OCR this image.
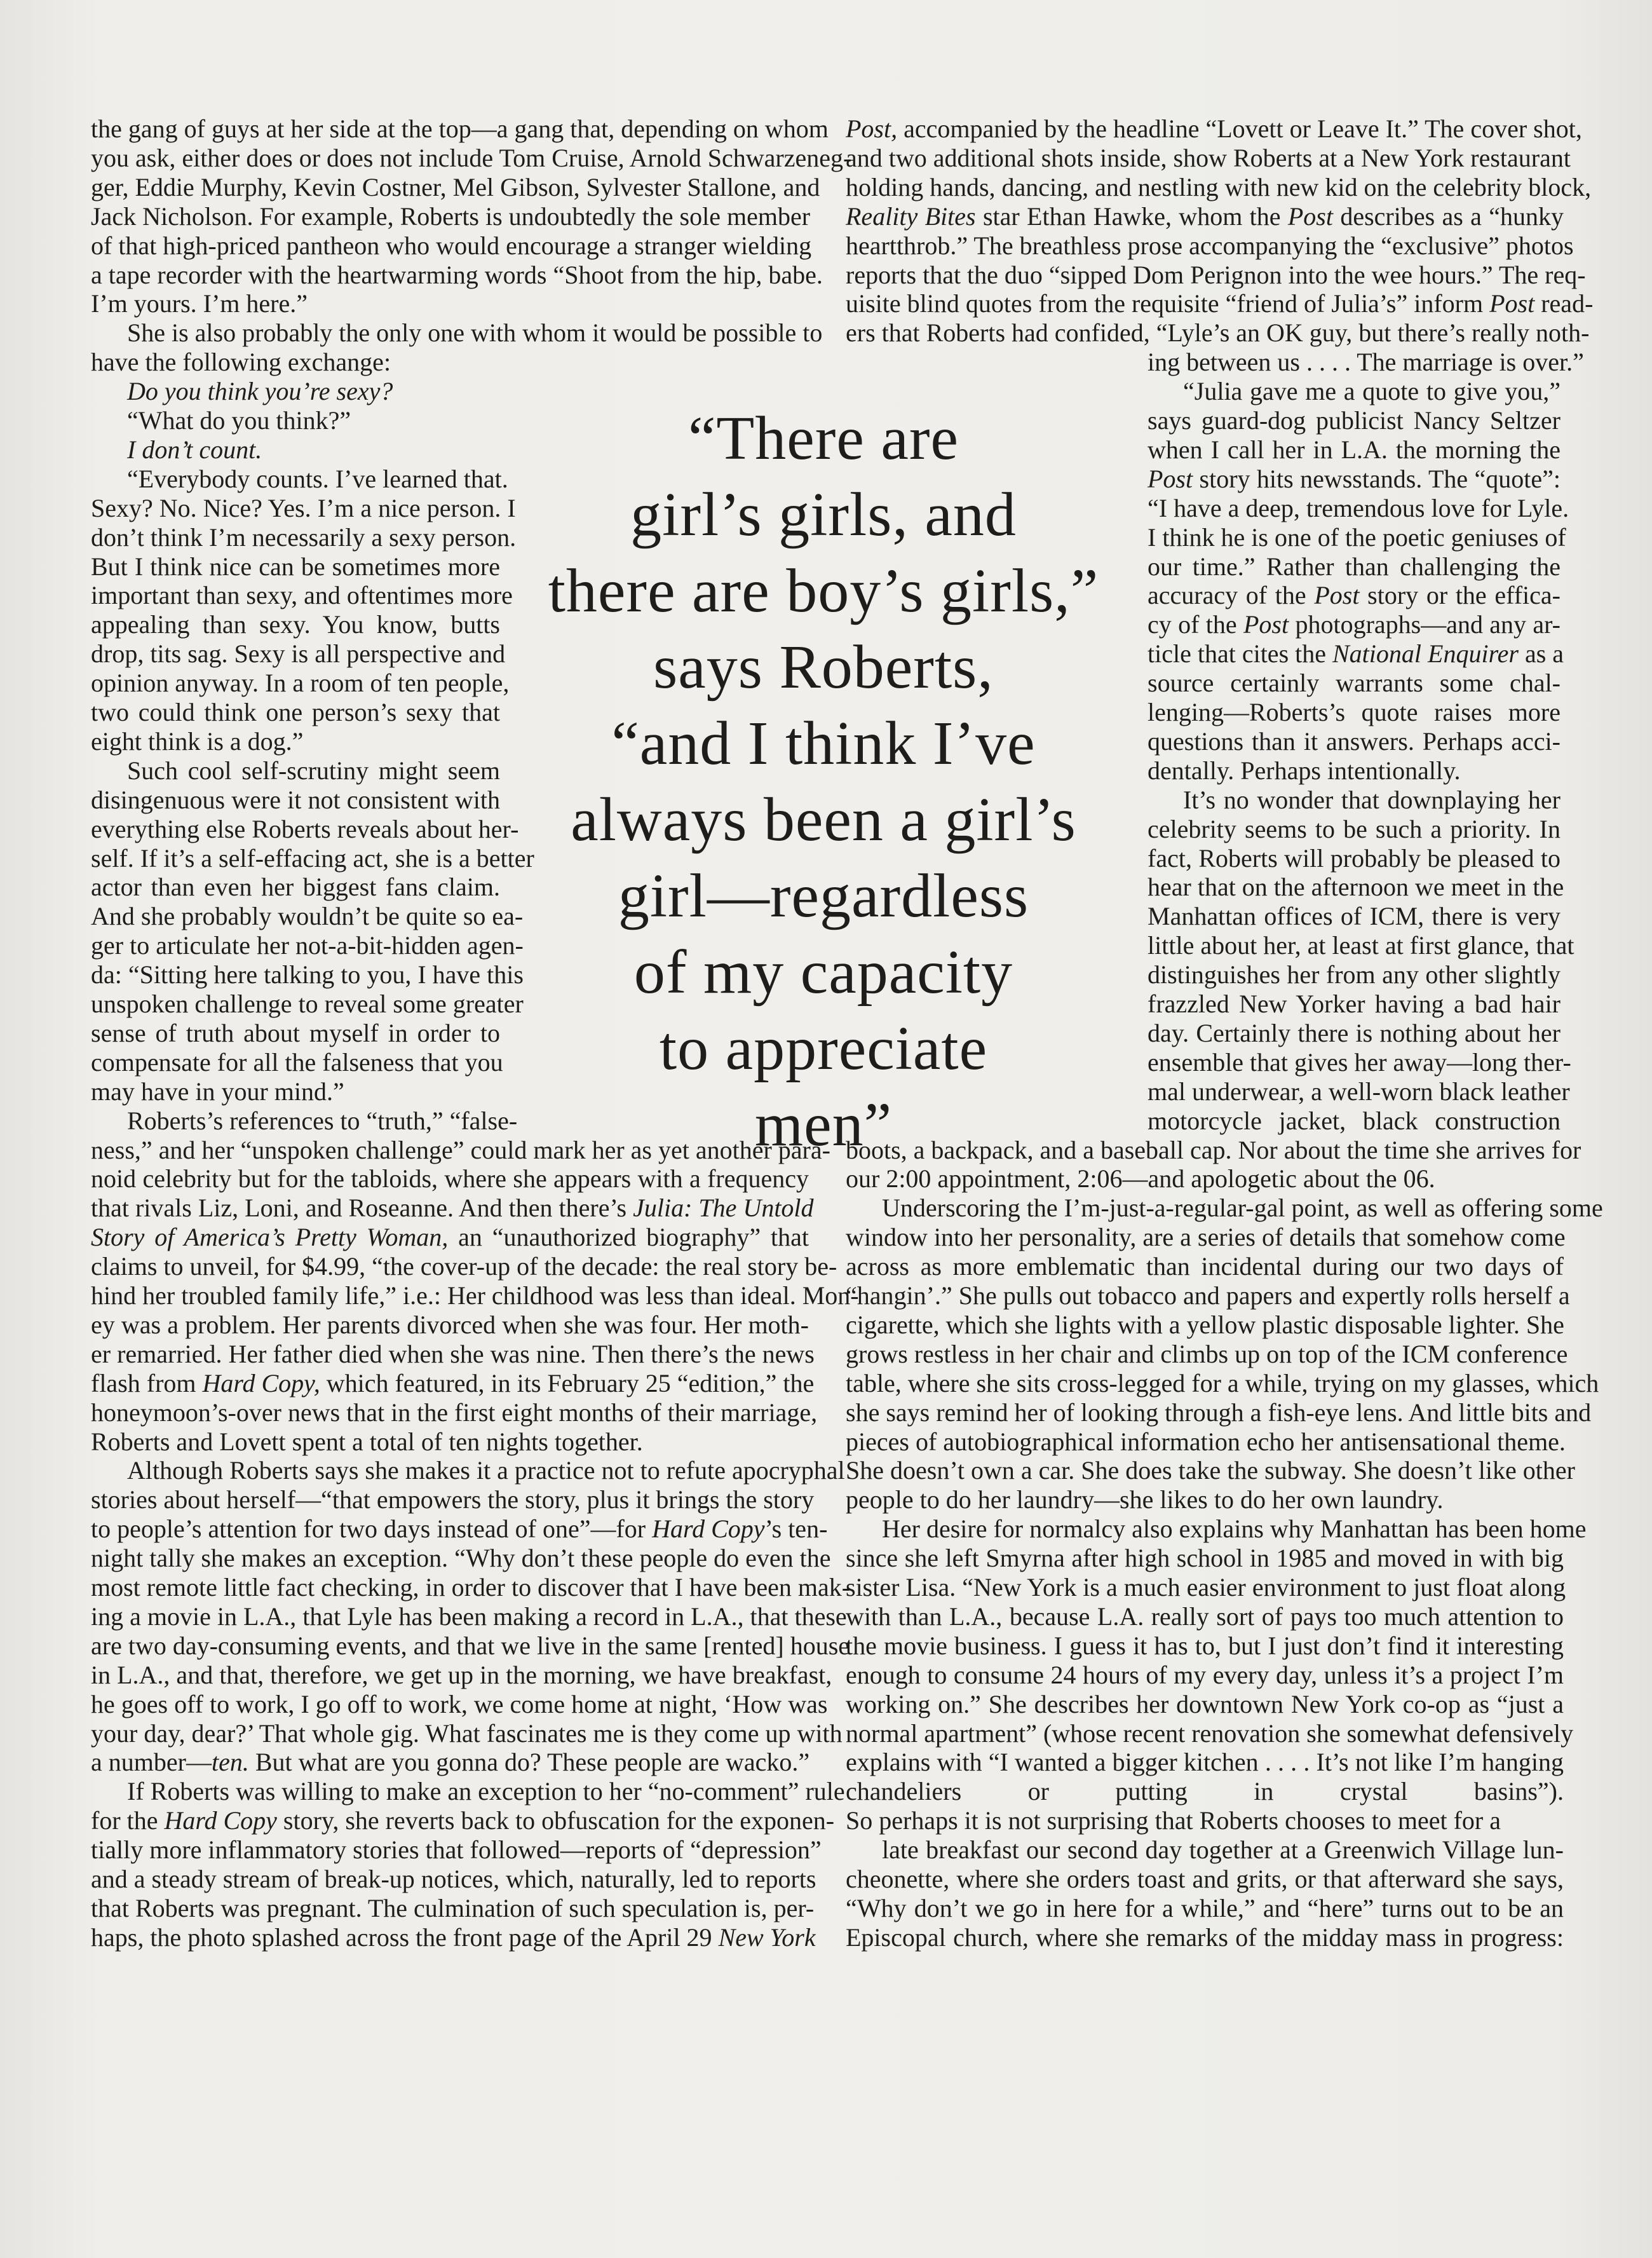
the gang of guys at her side at the top—a gang that, depending on whom

you ask, either does or does not include Tom Cruise, Arnold Schwarzeneg-

ger, Eddie Murphy, Kevin Costner, Mel Gibson, Sylvester Stallone, and

Jack Nicholson. For example, Roberts is undoubtedly the sole member

of that high-priced pantheon who would encourage a stranger wielding

a tape recorder with the heartwarming words “Shoot from the hip, babe.

I’m yours. I’m here.”

She is also probably the only one with whom it would be possible to

have the following exchange:

Do you think you’re sexy?

“What do you think?”

I don’t count.

“Everybody counts. I’ve learned that.

Sexy? No. Nice? Yes. I’m a nice person. I

don’t think I’m necessarily a sexy person.

But I think nice can be sometimes more

important than sexy, and oftentimes more

appealing than sexy. You know, butts

drop, tits sag. Sexy is all perspective and

opinion anyway. In a room of ten people,

two could think one person’s sexy that

eight think is a dog.”

Such cool self-scrutiny might seem

disingenuous were it not consistent with

everything else Roberts reveals about her-

self. If it’s a self-effacing act, she is a better

actor than even her biggest fans claim.

And she probably wouldn’t be quite so ea-

ger to articulate her not-a-bit-hidden agen-

da: “Sitting here talking to you, I have this

unspoken challenge to reveal some greater

sense of truth about myself in order to

compensate for all the falseness that you

may have in your mind.”

Roberts’s references to “truth,” “false-

ness,” and her “unspoken challenge” could mark her as yet another para-

noid celebrity but for the tabloids, where she appears with a frequency

that rivals Liz, Loni, and Roseanne. And then there’s Julia: The Untold

Story of America’s Pretty Woman, an “unauthorized biography” that

claims to unveil, for $4.99, “the cover-up of the decade: the real story be-

hind her troubled family life,” i.e.: Her childhood was less than ideal. Mon-

ey was a problem. Her parents divorced when she was four. Her moth-

er remarried. Her father died when she was nine. Then there’s the news

flash from Hard Copy, which featured, in its February 25 “edition,” the

honeymoon’s-over news that in the first eight months of their marriage,

Roberts and Lovett spent a total of ten nights together.

Although Roberts says she makes it a practice not to refute apocryphal

stories about herself—“that empowers the story, plus it brings the story

to people’s attention for two days instead of one”—for Hard Copy’s ten-

night tally she makes an exception. “Why don’t these people do even the

most remote little fact checking, in order to discover that I have been mak-

ing a movie in L.A., that Lyle has been making a record in L.A., that these

are two day-consuming events, and that we live in the same [rented] house

in L.A., and that, therefore, we get up in the morning, we have breakfast,

he goes off to work, I go off to work, we come home at night, ‘How was

your day, dear?’ That whole gig. What fascinates me is they come up with

a number—ten. But what are you gonna do? These people are wacko.”

If Roberts was willing to make an exception to her “no-comment” rule

for the Hard Copy story, she reverts back to obfuscation for the exponen-

tially more inflammatory stories that followed—reports of “depression”

and a steady stream of break-up notices, which, naturally, led to reports

that Roberts was pregnant. The culmination of such speculation is, per-

haps, the photo splashed across the front page of the April 29 New York

Post, accompanied by the headline “Lovett or Leave It.” The cover shot,

and two additional shots inside, show Roberts at a New York restaurant

holding hands, dancing, and nestling with new kid on the celebrity block,

Reality Bites star Ethan Hawke, whom the Post describes as a “hunky

heartthrob.” The breathless prose accompanying the “exclusive” photos

reports that the duo “sipped Dom Perignon into the wee hours.” The req-

uisite blind quotes from the requisite “friend of Julia’s” inform Post read-

ers that Roberts had confided, “Lyle’s an OK guy, but there’s really noth-

ing between us . . . . The marriage is over.”

“Julia gave me a quote to give you,”

says guard-dog publicist Nancy Seltzer

when I call her in L.A. the morning the

Post story hits newsstands. The “quote”:

“I have a deep, tremendous love for Lyle.

I think he is one of the poetic geniuses of

our time.” Rather than challenging the

accuracy of the Post story or the effica-

cy of the Post photographs—and any ar-

ticle that cites the National Enquirer as a

source certainly warrants some chal-

lenging—Roberts’s quote raises more

questions than it answers. Perhaps acci-

dentally. Perhaps intentionally.

It’s no wonder that downplaying her

celebrity seems to be such a priority. In

fact, Roberts will probably be pleased to

hear that on the afternoon we meet in the

Manhattan offices of ICM, there is very

little about her, at least at first glance, that

distinguishes her from any other slightly

frazzled New Yorker having a bad hair

day. Certainly there is nothing about her

ensemble that gives her away—long ther-

mal underwear, a well-worn black leather

motorcycle jacket, black construction

boots, a backpack, and a baseball cap. Nor about the time she arrives for

our 2:00 appointment, 2:06—and apologetic about the 06.

Underscoring the I’m-just-a-regular-gal point, as well as offering some

window into her personality, are a series of details that somehow come

across as more emblematic than incidental during our two days of

“hangin’.” She pulls out tobacco and papers and expertly rolls herself a

cigarette, which she lights with a yellow plastic disposable lighter. She

grows restless in her chair and climbs up on top of the ICM conference

table, where she sits cross-legged for a while, trying on my glasses, which

she says remind her of looking through a fish-eye lens. And little bits and

pieces of autobiographical information echo her antisensational theme.

She doesn’t own a car. She does take the subway. She doesn’t like other

people to do her laundry—she likes to do her own laundry.

Her desire for normalcy also explains why Manhattan has been home

since she left Smyrna after high school in 1985 and moved in with big

sister Lisa. “New York is a much easier environment to just float along

with than L.A., because L.A. really sort of pays too much attention to

the movie business. I guess it has to, but I just don’t find it interesting

enough to consume 24 hours of my every day, unless it’s a project I’m

working on.” She describes her downtown New York co-op as “just a

normal apartment” (whose recent renovation she somewhat defensively

explains with “I wanted a bigger kitchen . . . . It’s not like I’m hanging

chandeliers or putting in crystal basins”).

So perhaps it is not surprising that Roberts chooses to meet for a

late breakfast our second day together at a Greenwich Village lun-

cheonette, where she orders toast and grits, or that afterward she says,

“Why don’t we go in here for a while,” and “here” turns out to be an

Episcopal church, where she remarks of the midday mass in progress:

“There are
girl’s girls, and
there are boy’s girls,”
says Roberts,
“and I think I’ve
always been a girl’s
girl—regardless
of my capacity
to appreciate
men”
